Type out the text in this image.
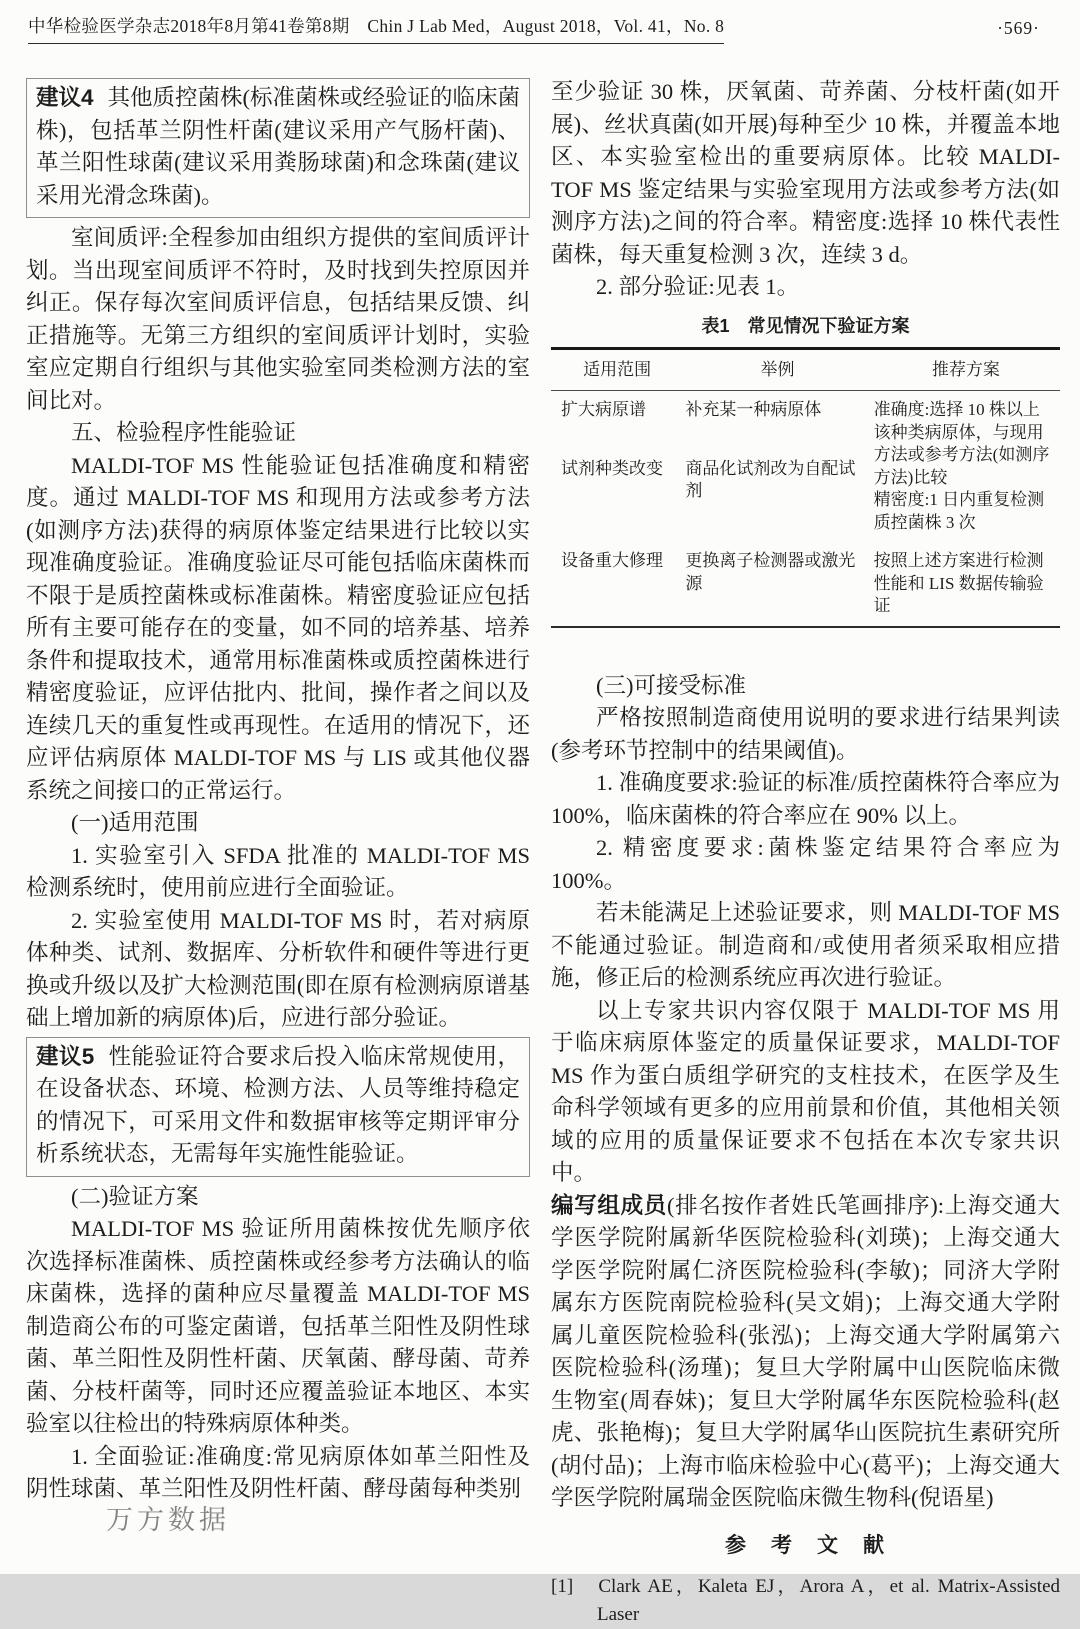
中华检验医学杂志2018年8月第41卷第8期　Chin J Lab Med，August 2018，Vol. 41，No. 8	·569·
建议4 其他质控菌株(标准菌株或经验证的临床菌株)，包括革兰阴性杆菌(建议采用产气肠杆菌)、革兰阳性球菌(建议采用粪肠球菌)和念珠菌(建议采用光滑念珠菌)。

室间质评:全程参加由组织方提供的室间质评计划。当出现室间质评不符时，及时找到失控原因并纠正。保存每次室间质评信息，包括结果反馈、纠正措施等。无第三方组织的室间质评计划时，实验室应定期自行组织与其他实验室同类检测方法的室间比对。

五、检验程序性能验证

MALDI-TOF MS 性能验证包括准确度和精密度。通过 MALDI-TOF MS 和现用方法或参考方法(如测序方法)获得的病原体鉴定结果进行比较以实现准确度验证。准确度验证尽可能包括临床菌株而不限于是质控菌株或标准菌株。精密度验证应包括所有主要可能存在的变量，如不同的培养基、培养条件和提取技术，通常用标准菌株或质控菌株进行精密度验证，应评估批内、批间，操作者之间以及连续几天的重复性或再现性。在适用的情况下，还应评估病原体 MALDI-TOF MS 与 LIS 或其他仪器系统之间接口的正常运行。

(一)适用范围

1. 实验室引入 SFDA 批准的 MALDI-TOF MS 检测系统时，使用前应进行全面验证。

2. 实验室使用 MALDI-TOF MS 时，若对病原体种类、试剂、数据库、分析软件和硬件等进行更换或升级以及扩大检测范围(即在原有检测病原谱基础上增加新的病原体)后，应进行部分验证。

建议5 性能验证符合要求后投入临床常规使用，在设备状态、环境、检测方法、人员等维持稳定的情况下，可采用文件和数据审核等定期评审分析系统状态，无需每年实施性能验证。

(二)验证方案

MALDI-TOF MS 验证所用菌株按优先顺序依次选择标准菌株、质控菌株或经参考方法确认的临床菌株，选择的菌种应尽量覆盖 MALDI-TOF MS 制造商公布的可鉴定菌谱，包括革兰阳性及阴性球菌、革兰阳性及阴性杆菌、厌氧菌、酵母菌、苛养菌、分枝杆菌等，同时还应覆盖验证本地区、本实验室以往检出的特殊病原体种类。

1. 全面验证:准确度:常见病原体如革兰阳性及阴性球菌、革兰阳性及阴性杆菌、酵母菌每种类别

至少验证 30 株，厌氧菌、苛养菌、分枝杆菌(如开展)、丝状真菌(如开展)每种至少 10 株，并覆盖本地区、本实验室检出的重要病原体。比较 MALDI-TOF MS 鉴定结果与实验室现用方法或参考方法(如测序方法)之间的符合率。精密度:选择 10 株代表性菌株，每天重复检测 3 次，连续 3 d。

2. 部分验证:见表 1。

表1　常见情况下验证方案
适用范围	举例	推荐方案
扩大病原谱	补充某一种病原体	准确度:选择 10 株以上该种类病原体，与现用方法或参考方法(如测序方法)比较
精密度:1 日内重复检测质控菌株 3 次

试剂种类改变	商品化试剂改为自配试剂	
设备重大修理	更换离子检测器或激光源	按照上述方案进行检测性能和 LIS 数据传输验证

(三)可接受标准

严格按照制造商使用说明的要求进行结果判读(参考环节控制中的结果阈值)。

1. 准确度要求:验证的标准/质控菌株符合率应为 100%，临床菌株的符合率应在 90% 以上。

2. 精密度要求:菌株鉴定结果符合率应为 100%。

若未能满足上述验证要求，则 MALDI-TOF MS 不能通过验证。制造商和/或使用者须采取相应措施，修正后的检测系统应再次进行验证。

以上专家共识内容仅限于 MALDI-TOF MS 用于临床病原体鉴定的质量保证要求，MALDI-TOF MS 作为蛋白质组学研究的支柱技术，在医学及生命科学领域有更多的应用前景和价值，其他相关领域的应用的质量保证要求不包括在本次专家共识中。

编写组成员(排名按作者姓氏笔画排序):上海交通大学医学院附属新华医院检验科(刘瑛)；上海交通大学医学院附属仁济医院检验科(李敏)；同济大学附属东方医院南院检验科(吴文娟)；上海交通大学附属儿童医院检验科(张泓)；上海交通大学附属第六医院检验科(汤瑾)；复旦大学附属中山医院临床微生物室(周春妹)；复旦大学附属华东医院检验科(赵虎、张艳梅)；复旦大学附属华山医院抗生素研究所(胡付品)；上海市临床检验中心(葛平)；上海交通大学医学院附属瑞金医院临床微生物科(倪语星)

参　考　文　献

[1]　Clark AE，Kaleta EJ，Arora A，et al. Matrix-Assisted Laser

万方数据
